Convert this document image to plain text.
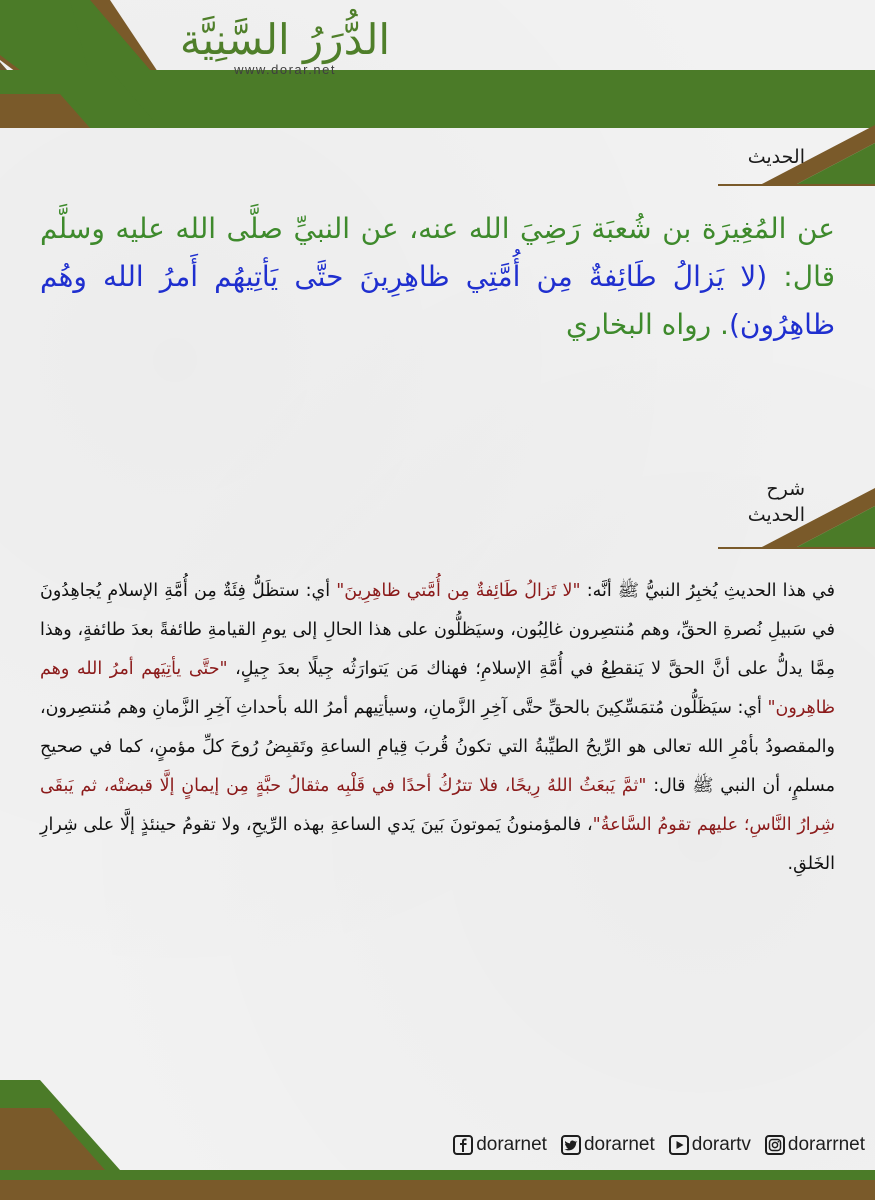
الدُّرَرُ السَّنِيَّة
www.dorar.net
الحديث
عن المُغِيرَة بن شُعبَة رَضِيَ الله عنه، عن النبيِّ صلَّى الله عليه وسلَّم قال: (لا يَزالُ طَائِفةٌ مِن أُمَّتِي ظاهِرِينَ حتَّى يَأتِيهُم أَمرُ الله وهُم ظاهِرُون). رواه البخاري
شرح
الحديث
في هذا الحديثِ يُخبِرُ النبيُّ ﷺ أنَّه: "لا تَزالُ طَائِفةٌ مِن أُمَّتي ظاهِرِينَ" أي: ستظَلُّ فِئَةٌ مِن أُمَّةِ الإسلامِ يُجاهِدُونَ في سَبيلِ نُصرةِ الحقِّ، وهم مُنتصِرون غالِبُون، وسيَظلُّون على هذا الحالِ إلى يومِ القيامةِ طائفةً بعدَ طائفةٍ، وهذا مِمَّا يدلُّ على أنَّ الحقَّ لا يَنقطِعُ في أُمَّةِ الإسلامِ؛ فهناك مَن يَتوارَثُه جِيلًا بعدَ جِيلٍ، "حتَّى يأتِيَهم أمرُ الله وهم ظاهِرون" أي: سيَظَلُّون مُتمَسِّكِينَ بالحقِّ حتَّى آخِرِ الزَّمانِ، وسيأتِيهم أمرُ الله بأحداثِ آخِرِ الزَّمانِ وهم مُنتصِرون، والمقصودُ بأمْرِ الله تعالى هو الرِّيحُ الطيِّبةُ التي تكونُ قُربَ قِيامِ الساعةِ وتَقبِضُ رُوحَ كلِّ مؤمنٍ، كما في صحيحِ مسلمٍ، أن النبي ﷺ قال: "ثمَّ يَبعَثُ اللهُ رِيحًا، فلا تترُكُ أحدًا في قَلْبِه مثقالُ حبَّةٍ مِن إيمانٍ إلَّا قبضتْه، ثم يَبقَى شِرارُ النَّاسِ؛ عليهم تقومُ السَّاعةُ"، فالمؤمنونُ يَموتونَ بَينَ يَدي الساعةِ بهذه الرِّيحِ، ولا تقومُ حينئذٍ إلَّا على شِرارِ الخَلقِ.
dorarnet dorarnet dorartv dorarrnet
